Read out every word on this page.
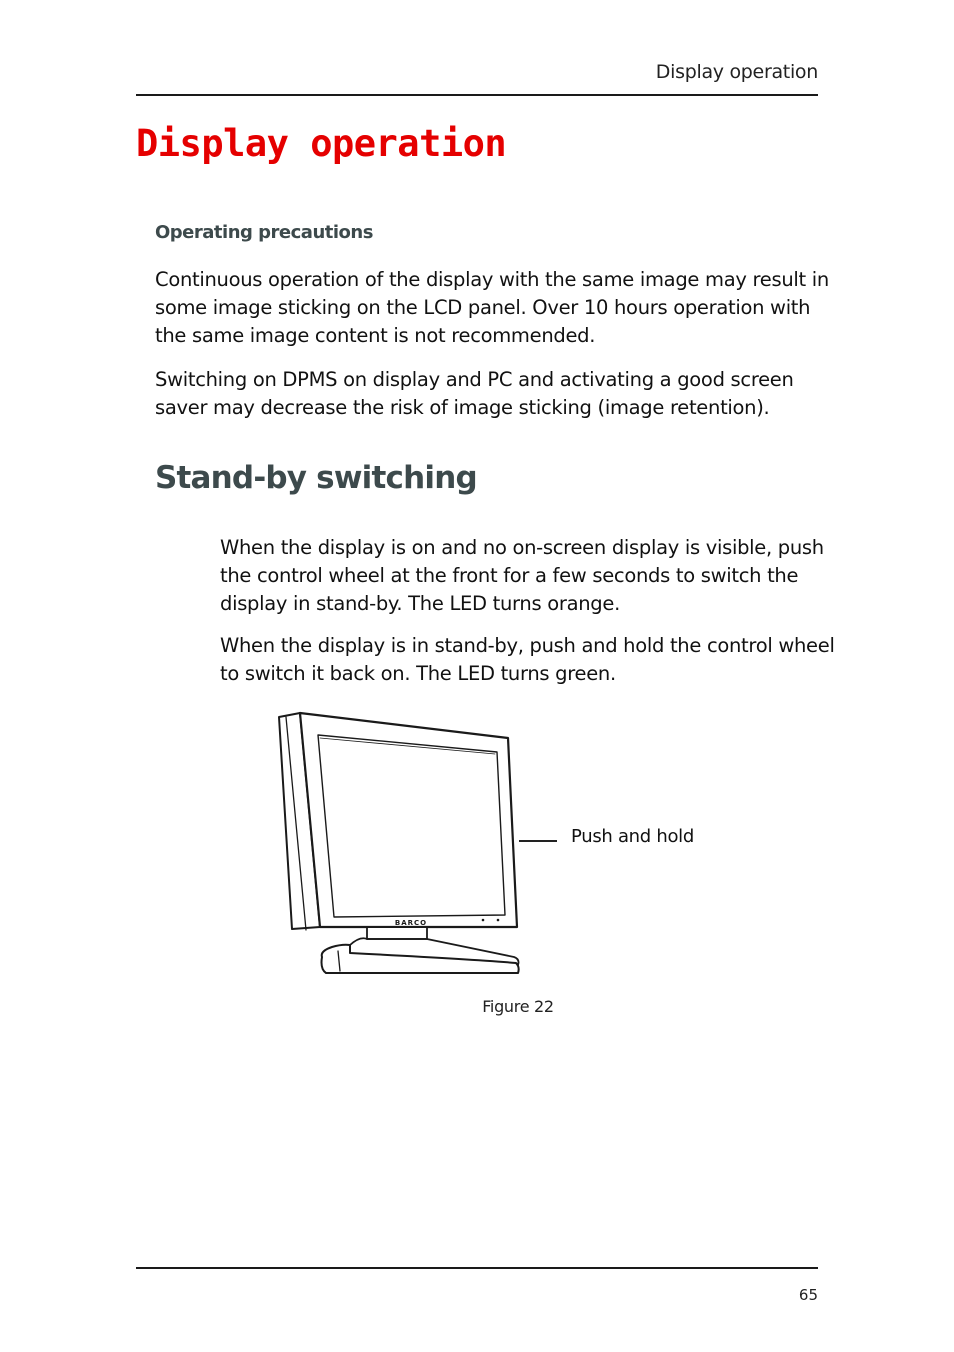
Display operation
Display operation
Operating precautions

Continuous operation of the display with the same image may result in some image sticking on the LCD panel. Over 10 hours operation with the same image content is not recommended.

Switching on DPMS on display and PC and activating a good screen saver may decrease the risk of image sticking (image retention).

Stand-by switching

When the display is on and no on-screen display is visible, push the control wheel at the front for a few seconds to switch the display in stand-by. The LED turns orange.

When the display is in stand-by, push and hold the control wheel to switch it back on. The LED turns green.

BARCO
Push and hold
Figure 22
65
